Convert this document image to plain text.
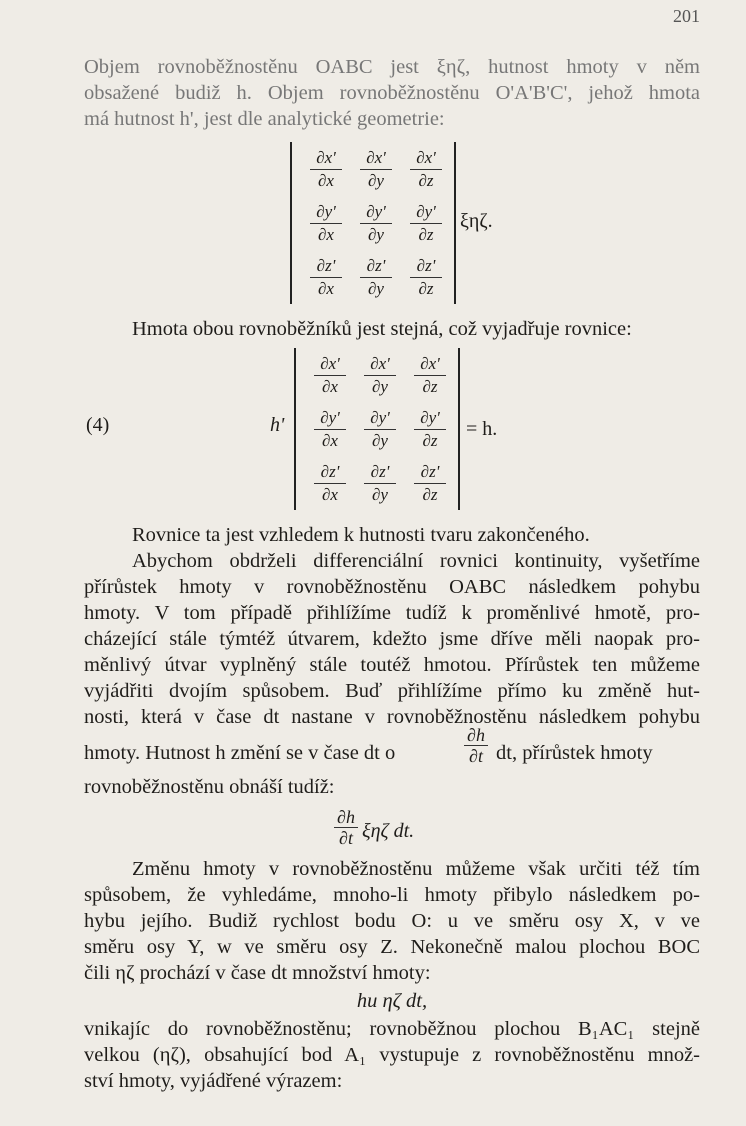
201
Objem rovnoběžnostěnu OABC jest ξηζ, hutnost hmoty v něm
obsažené budiž h. Objem rovnoběžnostěnu O'A'B'C', jehož hmota
má hutnost h', jest dle analytické geometrie:
∂x'
∂x
∂x'
∂y
∂x'
∂z
∂y'
∂x
∂y'
∂y
∂y'
∂z
∂z'
∂x
∂z'
∂y
∂z'
∂z
ξηζ.
Hmota obou rovnoběžníků jest stejná, což vyjadřuje rovnice:
(4)	h'
∂x'
∂x
∂x'
∂y
∂x'
∂z
∂y'
∂x
∂y'
∂y
∂y'
∂z
∂z'
∂x
∂z'
∂y
∂z'
∂z
= h.
Rovnice ta jest vzhledem k hutnosti tvaru zakončeného.
Abychom obdrželi differenciální rovnici kontinuity, vyšetříme
přírůstek hmoty v rovnoběžnostěnu OABC následkem pohybu
hmoty. V tom případě přihlížíme tudíž k proměnlivé hmotě, pro-
cházející stále týmtéž útvarem, kdežto jsme dříve měli naopak pro-
měnlivý útvar vyplněný stále toutéž hmotou. Přírůstek ten můžeme
vyjádřiti dvojím spůsobem. Buď přihlížíme přímo ku změně hut-
nosti, která v čase dt nastane v rovnoběžnostěnu následkem pohybu
hmoty. Hutnost h změní se v čase dt o
∂h
∂t dt, přírůstek hmoty
rovnoběžnostěnu obnáší tudíž:
∂h
∂t ξηζ dt.
Změnu hmoty v rovnoběžnostěnu můžeme však určiti též tím
spůsobem, že vyhledáme, mnoho-li hmoty přibylo následkem po-
hybu jejího. Budiž rychlost bodu O: u ve směru osy X, v ve
směru osy Y, w ve směru osy Z. Nekonečně malou plochou BOC
čili ηζ prochází v čase dt množství hmoty:
hu ηζ dt,
vnikajíc do rovnoběžnostěnu; rovnoběžnou plochou B₁AC₁ stejně
velkou (ηζ), obsahující bod A₁ vystupuje z rovnoběžnostěnu množ-
ství hmoty, vyjádřené výrazem:
